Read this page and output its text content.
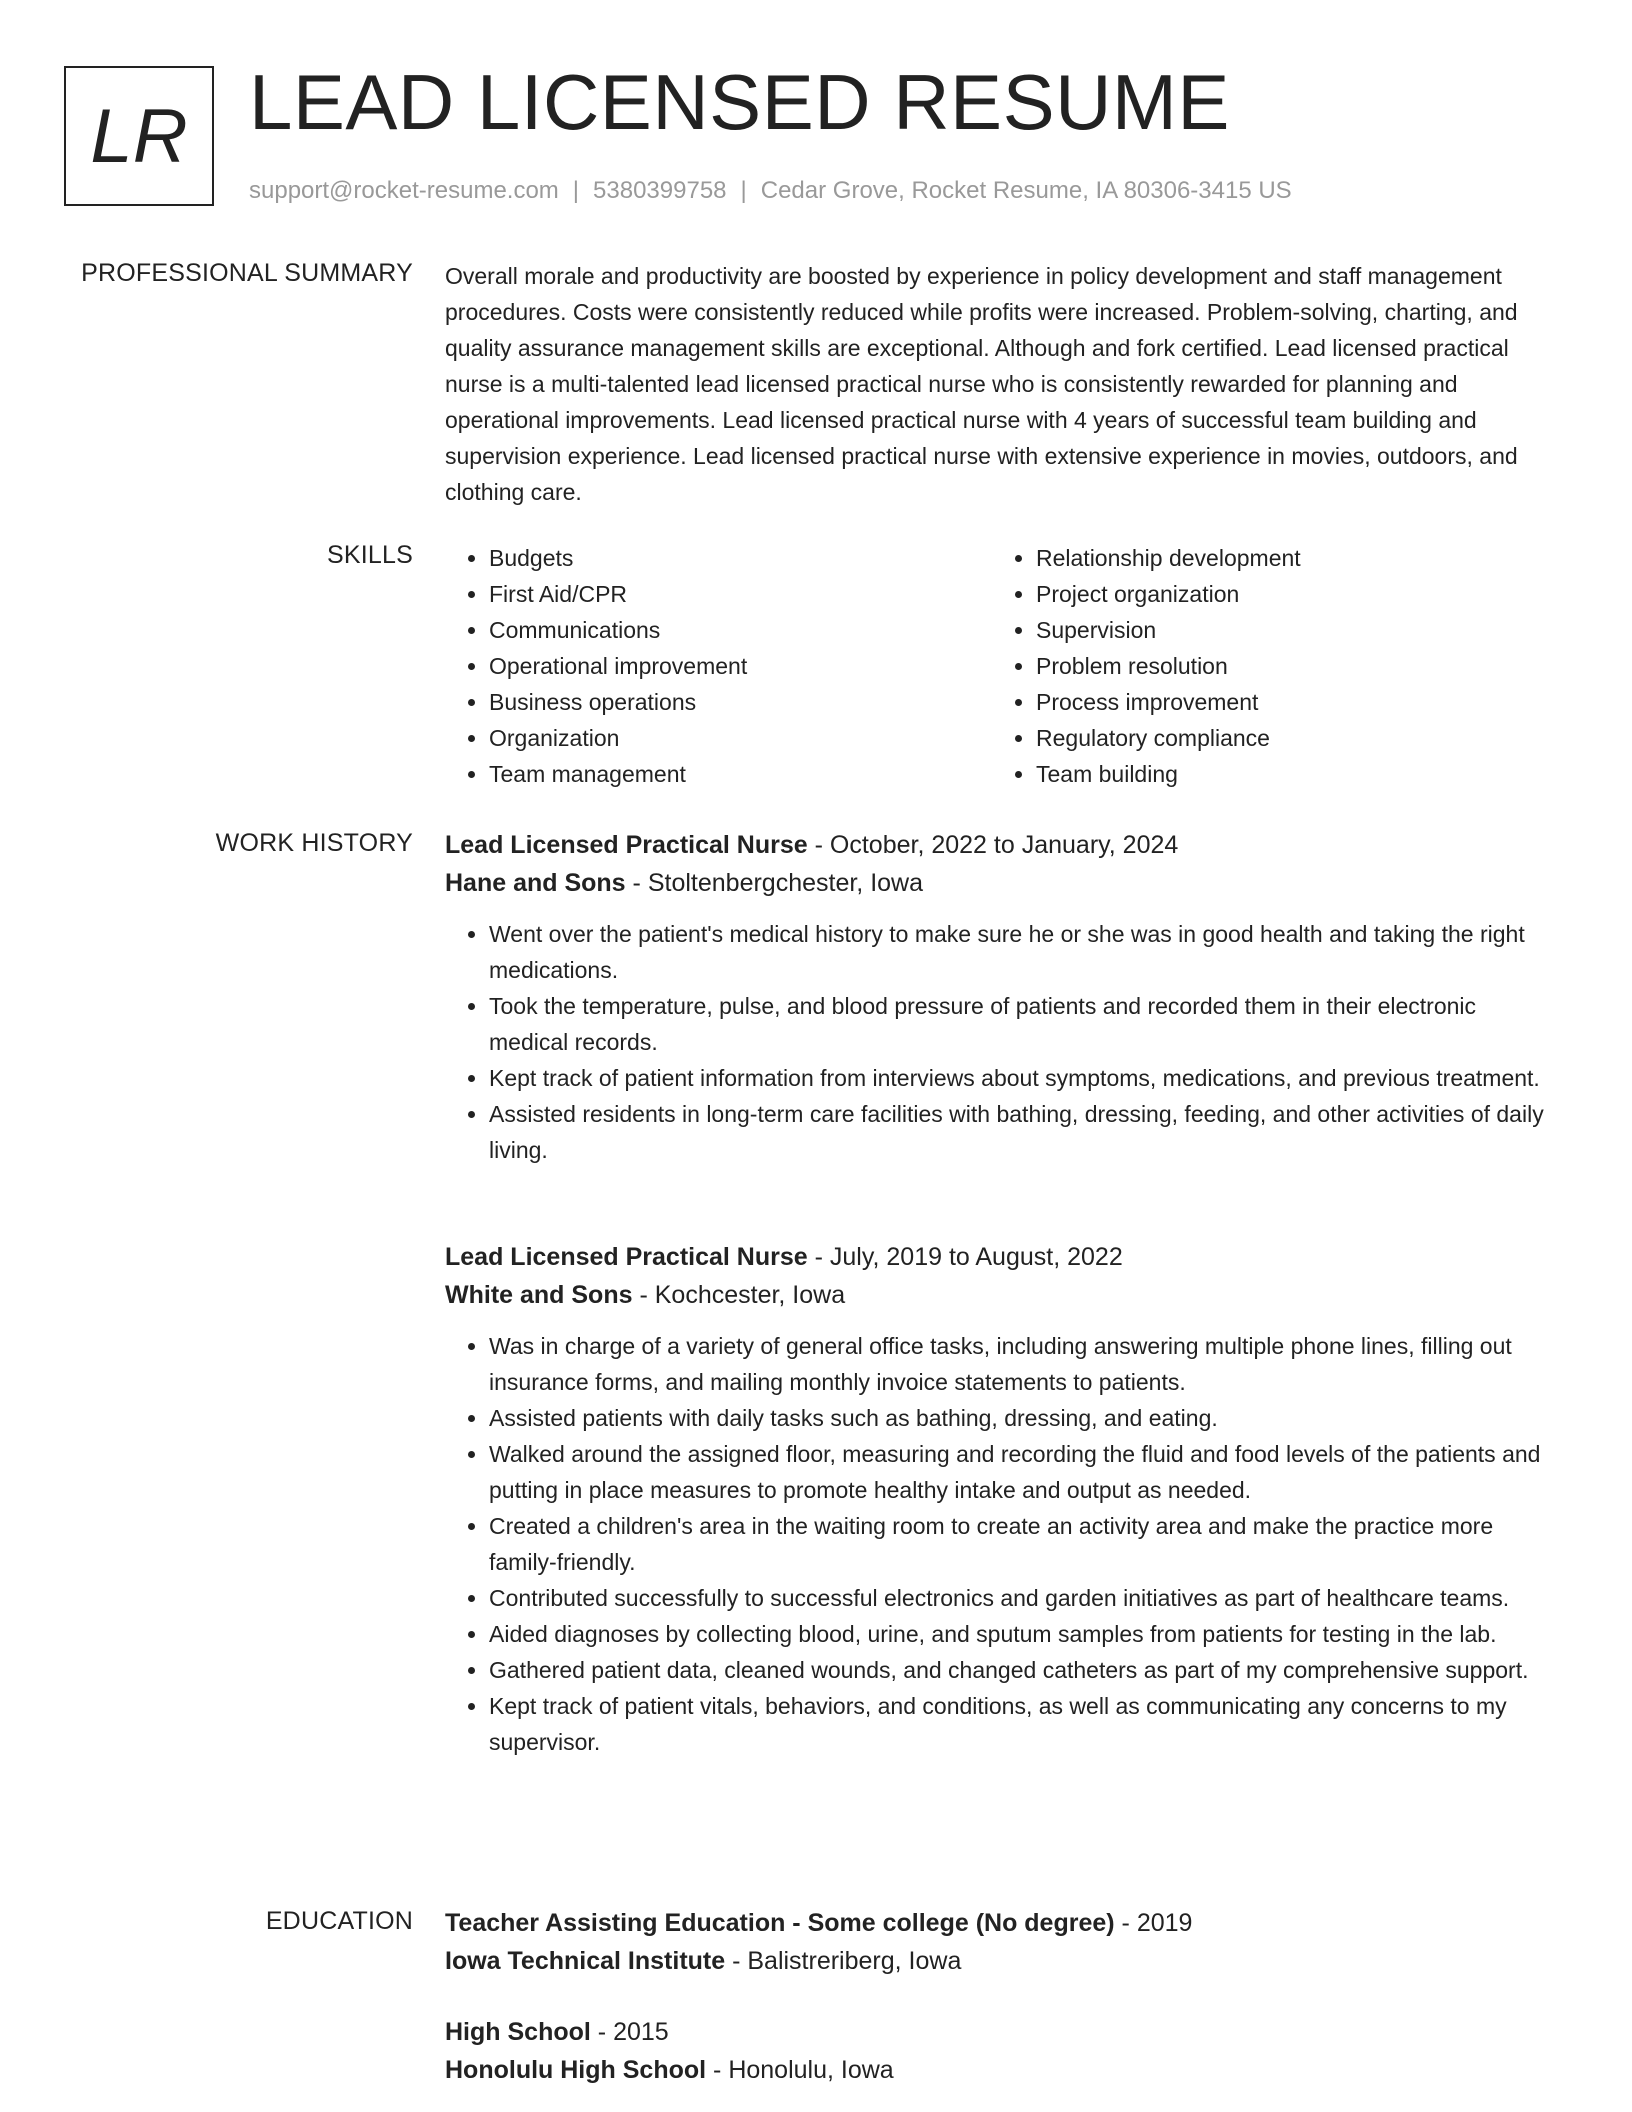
LR LEAD LICENSED RESUME
support@rocket-resume.com | 5380399758 | Cedar Grove, Rocket Resume, IA 80306-3415 US
PROFESSIONAL SUMMARY Overall morale and productivity are boosted by experience in policy development and staff management procedures. Costs were consistently reduced while profits were increased. Problem-solving, charting, and quality assurance management skills are exceptional. Although and fork certified. Lead licensed practical nurse is a multi-talented lead licensed practical nurse who is consistently rewarded for planning and operational improvements. Lead licensed practical nurse with 4 years of successful team building and supervision experience. Lead licensed practical nurse with extensive experience in movies, outdoors, and clothing care.

SKILLS
•	Budgets
• First Aid/CPR
• Communications
• Operational improvement
• Business operations
• Organization
• Team management
• Relationship development
• Project organization
• Supervision
• Problem resolution
• Process improvement
• Regulatory compliance
• Team building
WORK HISTORY Lead Licensed Practical Nurse - October, 2022 to January, 2024
Hane and Sons - Stoltenbergchester, Iowa
• Went over the patient's medical history to make sure he or she was in good health and taking the right medications.
• Took the temperature, pulse, and blood pressure of patients and recorded them in their electronic medical records.
• Kept track of patient information from interviews about symptoms, medications, and previous treatment.
• Assisted residents in long-term care facilities with bathing, dressing, feeding, and other activities of daily living.
Lead Licensed Practical Nurse - July, 2019 to August, 2022
White and Sons - Kochcester, Iowa
• Was in charge of a variety of general office tasks, including answering multiple phone lines, filling out insurance forms, and mailing monthly invoice statements to patients.
• Assisted patients with daily tasks such as bathing, dressing, and eating.
• Walked around the assigned floor, measuring and recording the fluid and food levels of the patients and putting in place measures to promote healthy intake and output as needed.
• Created a children's area in the waiting room to create an activity area and make the practice more family-friendly.
• Contributed successfully to successful electronics and garden initiatives as part of healthcare teams.
• Aided diagnoses by collecting blood, urine, and sputum samples from patients for testing in the lab.
• Gathered patient data, cleaned wounds, and changed catheters as part of my comprehensive support.
• Kept track of patient vitals, behaviors, and conditions, as well as communicating any concerns to my supervisor.
EDUCATION Teacher Assisting Education - Some college (No degree) - 2019
Iowa Technical Institute - Balistreriberg, Iowa
High School - 2015
Honolulu High School - Honolulu, Iowa
